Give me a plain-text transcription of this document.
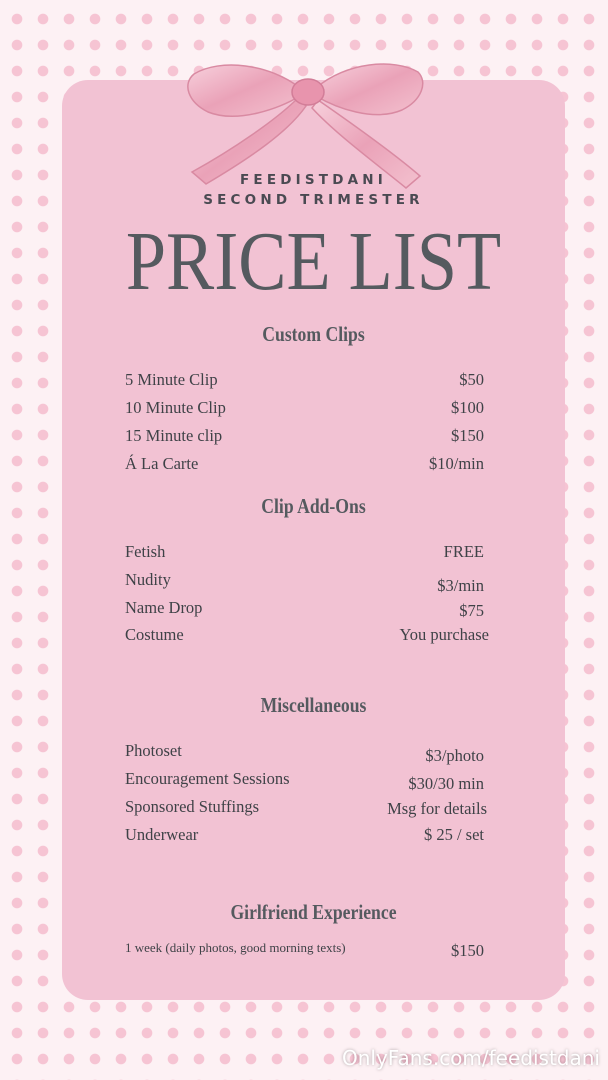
FEEDISTDANI
SECOND TRIMESTER
PRICE LIST
Custom Clips
5 Minute Clip	$50
10 Minute Clip	$100
15 Minute clip	$150
Á La Carte	$10/min
Clip Add-Ons
Fetish	FREE
Nudity	$3/min
Name Drop	$75
Costume	You purchase
Miscellaneous
Photoset	$3/photo
Encouragement Sessions	$30/30 min
Sponsored Stuffings	Msg for details
Underwear	$ 25 / set
Girlfriend Experience
1 week (daily photos, good morning texts)	$150
OnlyFans.com/feedistdani
